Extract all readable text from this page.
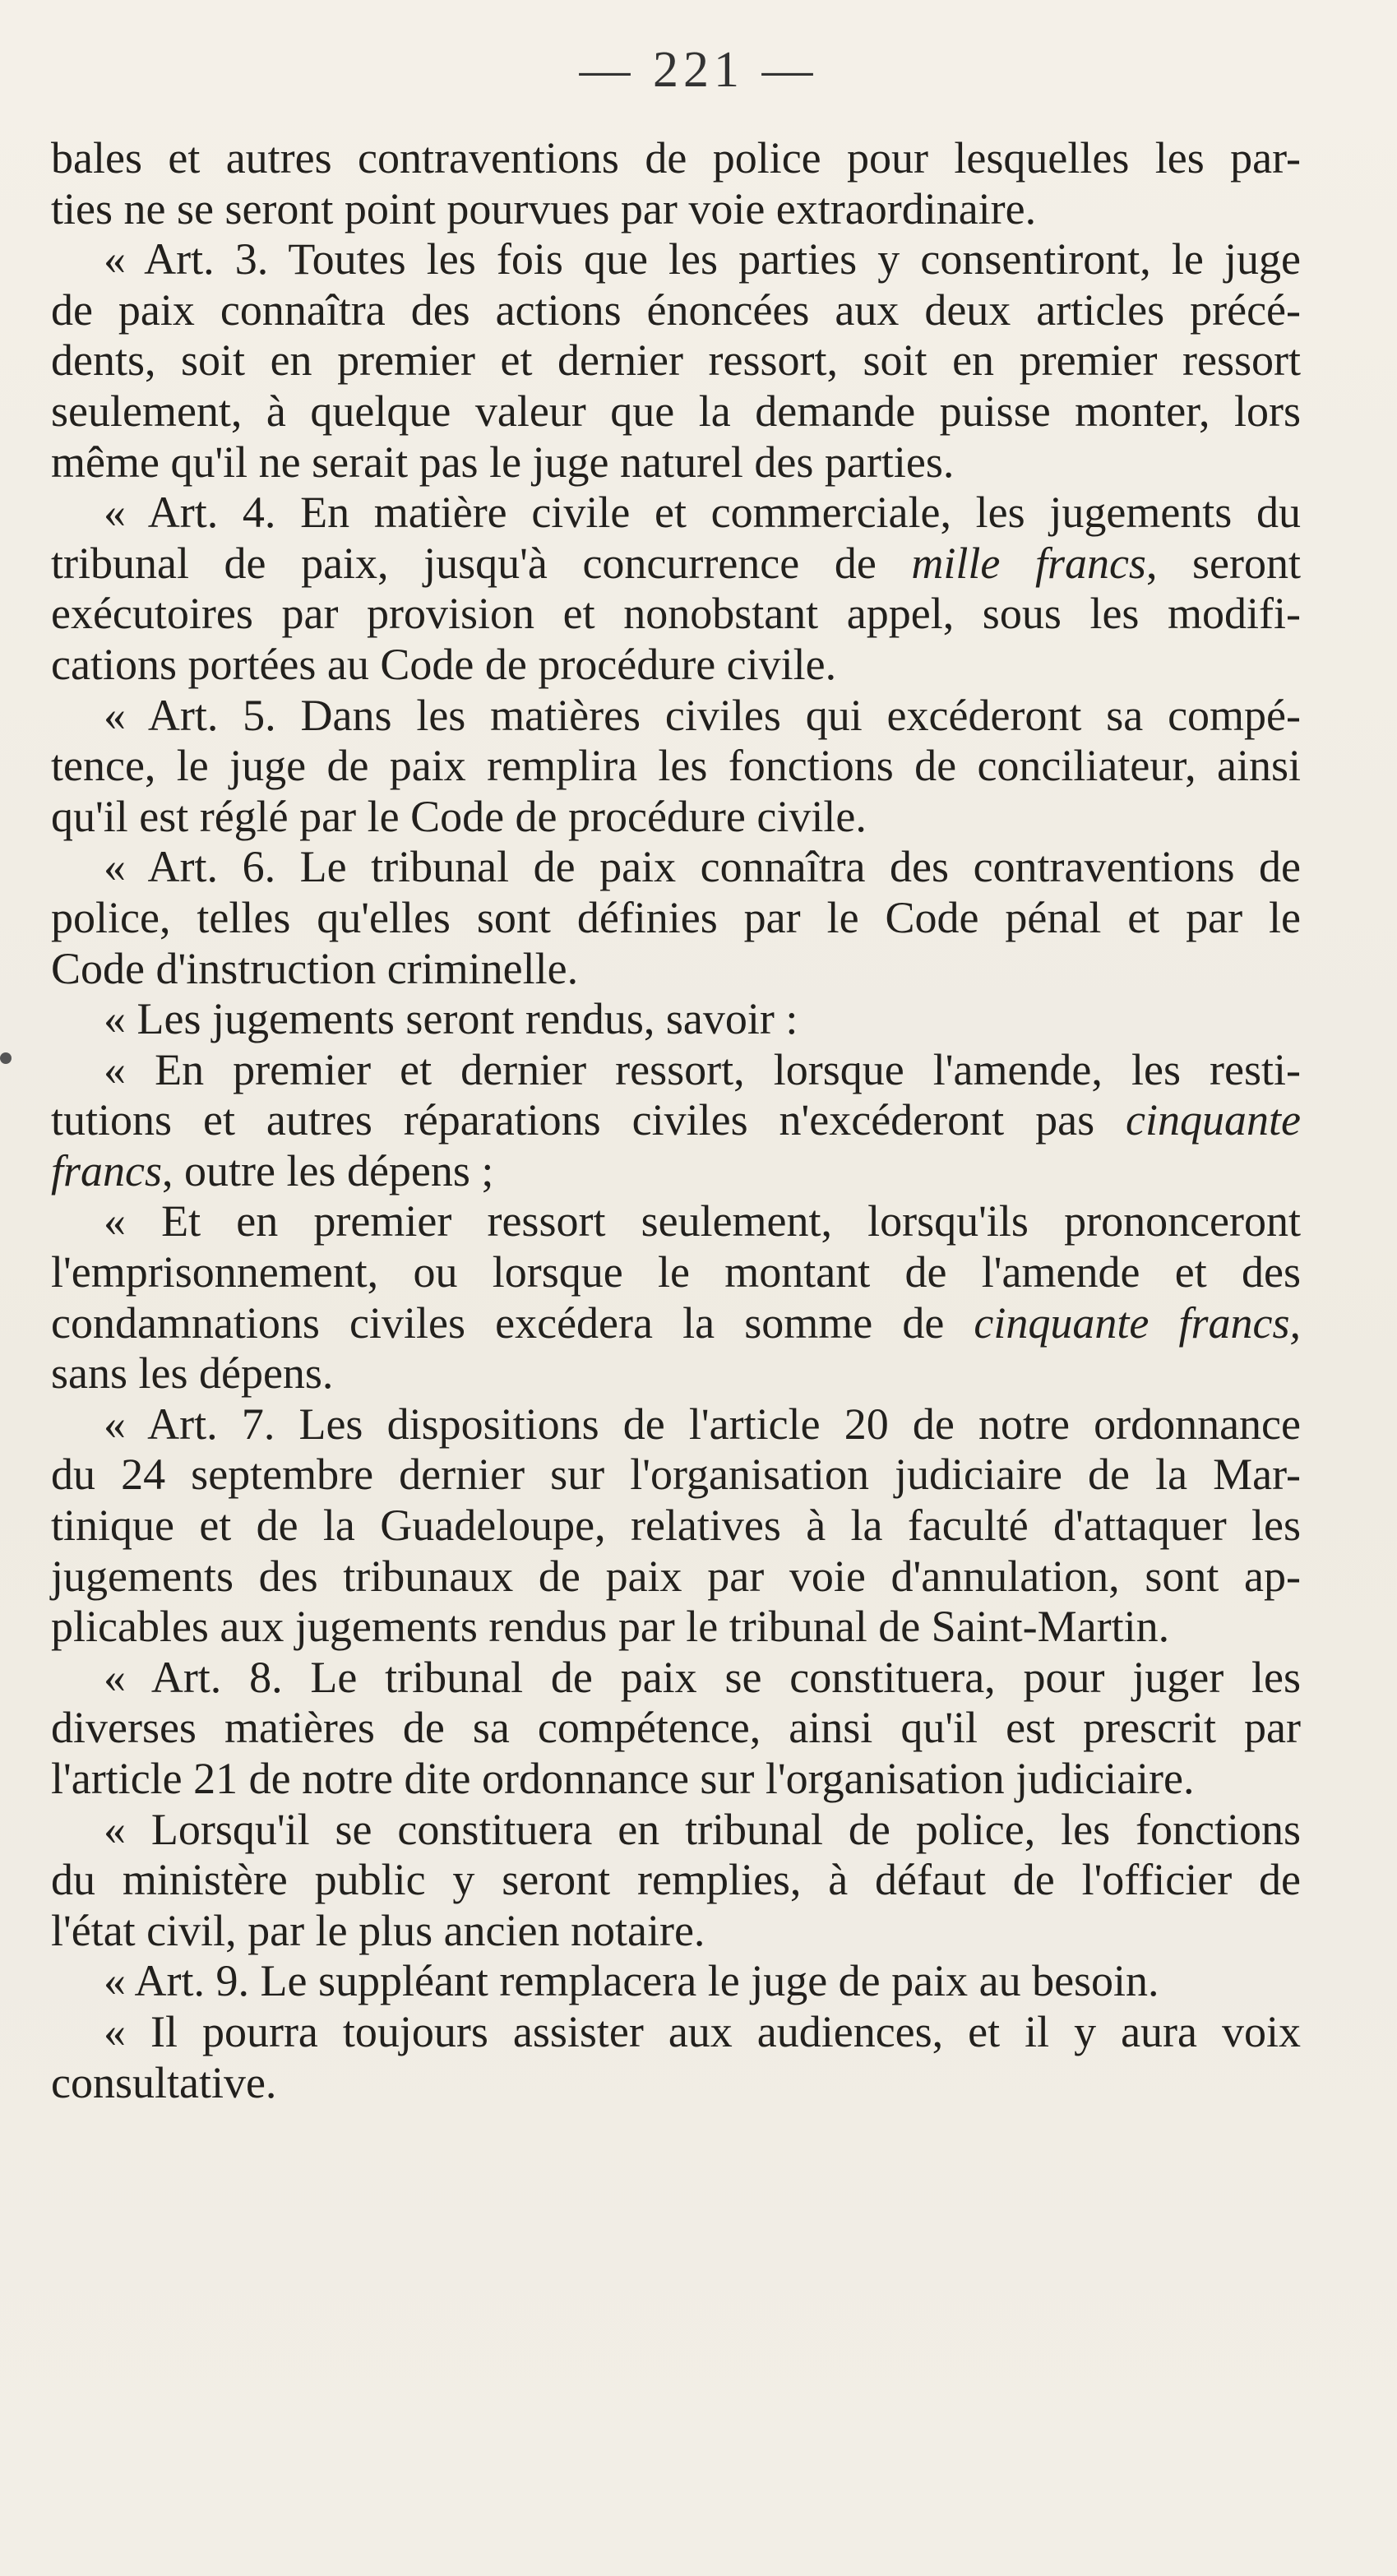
— 221 —
bales et autres contraventions de police pour lesquelles les par-
ties ne se seront point pourvues par voie extraordinaire.
« Art. 3. Toutes les fois que les parties y consentiront, le juge
de paix connaîtra des actions énoncées aux deux articles précé-
dents, soit en premier et dernier ressort, soit en premier ressort
seulement, à quelque valeur que la demande puisse monter, lors
même qu'il ne serait pas le juge naturel des parties.
« Art. 4. En matière civile et commerciale, les jugements du
tribunal de paix, jusqu'à concurrence de mille francs, seront
exécutoires par provision et nonobstant appel, sous les modifi-
cations portées au Code de procédure civile.
« Art. 5. Dans les matières civiles qui excéderont sa compé-
tence, le juge de paix remplira les fonctions de conciliateur, ainsi
qu'il est réglé par le Code de procédure civile.
« Art. 6. Le tribunal de paix connaîtra des contraventions de
police, telles qu'elles sont définies par le Code pénal et par le
Code d'instruction criminelle.
« Les jugements seront rendus, savoir :
« En premier et dernier ressort, lorsque l'amende, les resti-
tutions et autres réparations civiles n'excéderont pas cinquante
francs, outre les dépens ;
« Et en premier ressort seulement, lorsqu'ils prononceront
l'emprisonnement, ou lorsque le montant de l'amende et des
condamnations civiles excédera la somme de cinquante francs,
sans les dépens.
« Art. 7. Les dispositions de l'article 20 de notre ordonnance
du 24 septembre dernier sur l'organisation judiciaire de la Mar-
tinique et de la Guadeloupe, relatives à la faculté d'attaquer les
jugements des tribunaux de paix par voie d'annulation, sont ap-
plicables aux jugements rendus par le tribunal de Saint-Martin.
« Art. 8. Le tribunal de paix se constituera, pour juger les
diverses matières de sa compétence, ainsi qu'il est prescrit par
l'article 21 de notre dite ordonnance sur l'organisation judiciaire.
« Lorsqu'il se constituera en tribunal de police, les fonctions
du ministère public y seront remplies, à défaut de l'officier de
l'état civil, par le plus ancien notaire.
« Art. 9. Le suppléant remplacera le juge de paix au besoin.
« Il pourra toujours assister aux audiences, et il y aura voix
consultative.
